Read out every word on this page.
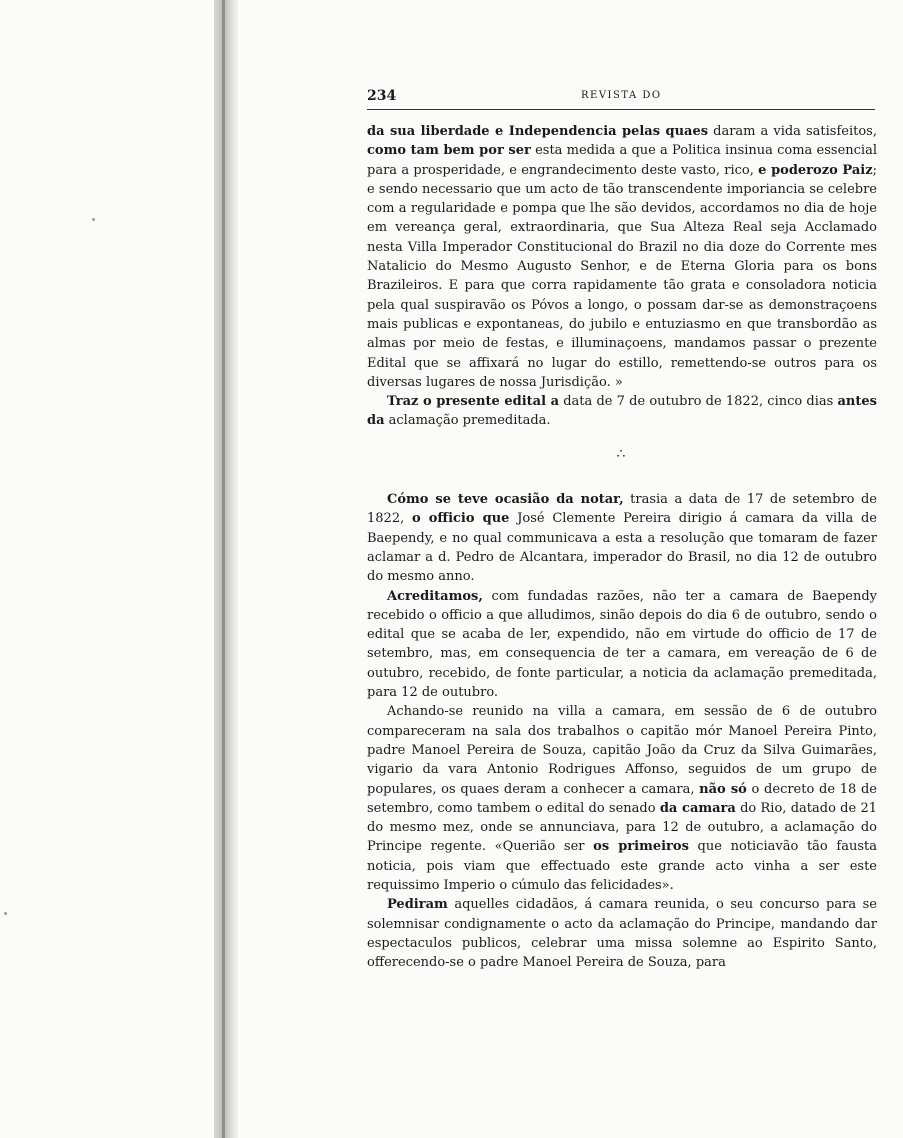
234	REVISTA DO

da sua liberdade e Independencia pelas quaes daram a vida satisfeitos, como tam bem por ser esta medida a que a Politica insinua coma essencial para a prosperidade, e engrandecimento deste vasto, rico, e poderozo Paiz; e sendo necessario que um acto de tão transcendente imporiancia se celebre com a regularidade e pompa que lhe são devidos, accordamos no dia de hoje em vereança geral, extraordinaria, que Sua Alteza Real seja Acclamado nesta Villa Imperador Constitucional do Brazil no dia doze do Corrente mes Natalicio do Mesmo Augusto Senhor, e de Eterna Gloria para os bons Brazileiros. E para que corra rapidamente tão grata e consoladora noticia pela qual suspiravão os Póvos a longo, o possam dar-se as demonstraçoens mais publicas e expontaneas, do jubilo e entuziasmo en que transbordão as almas por meio de festas, e illuminaçoens, mandamos passar o prezente Edital que se affixará no lugar do estillo, remettendo-se outros para os diversas lugares de nossa Jurisdição. »

Traz o presente edital a data de 7 de outubro de 1822, cinco dias antes da aclamação premeditada.

∴

Cómo se teve ocasião da notar, trasia a data de 17 de setembro de 1822, o officio que José Clemente Pereira dirigio á camara da villa de Baependy, e no qual communicava a esta a resolução que tomaram de fazer aclamar a d. Pedro de Alcantara, imperador do Brasil, no dia 12 de outubro do mesmo anno.

Acreditamos, com fundadas razões, não ter a camara de Baependy recebido o officio a que alludimos, sinão depois do dia 6 de outubro, sendo o edital que se acaba de ler, expendido, não em virtude do officio de 17 de setembro, mas, em consequencia de ter a camara, em vereação de 6 de outubro, recebido, de fonte particular, a noticia da aclamação premeditada, para 12 de outubro.

Achando-se reunido na villa a camara, em sessão de 6 de outubro compareceram na sala dos trabalhos o capitão mór Manoel Pereira Pinto, padre Manoel Pereira de Souza, capitão João da Cruz da Silva Guimarães, vigario da vara Antonio Rodrigues Affonso, seguidos de um grupo de populares, os quaes deram a conhecer a camara, não só o decreto de 18 de setembro, como tambem o edital do senado da camara do Rio, datado de 21 do mesmo mez, onde se annunciava, para 12 de outubro, a aclamação do Principe regente. «Querião ser os primeiros que noticiavão tão fausta noticia, pois viam que effectuado este grande acto vinha a ser este requissimo Imperio o cúmulo das felicidades».

Pediram aquelles cidadãos, á camara reunida, o seu concurso para se solemnisar condignamente o acto da aclamação do Principe, mandando dar espectaculos publicos, celebrar uma missa solemne ao Espirito Santo, offerecendo-se o padre Manoel Pereira de Souza, para
